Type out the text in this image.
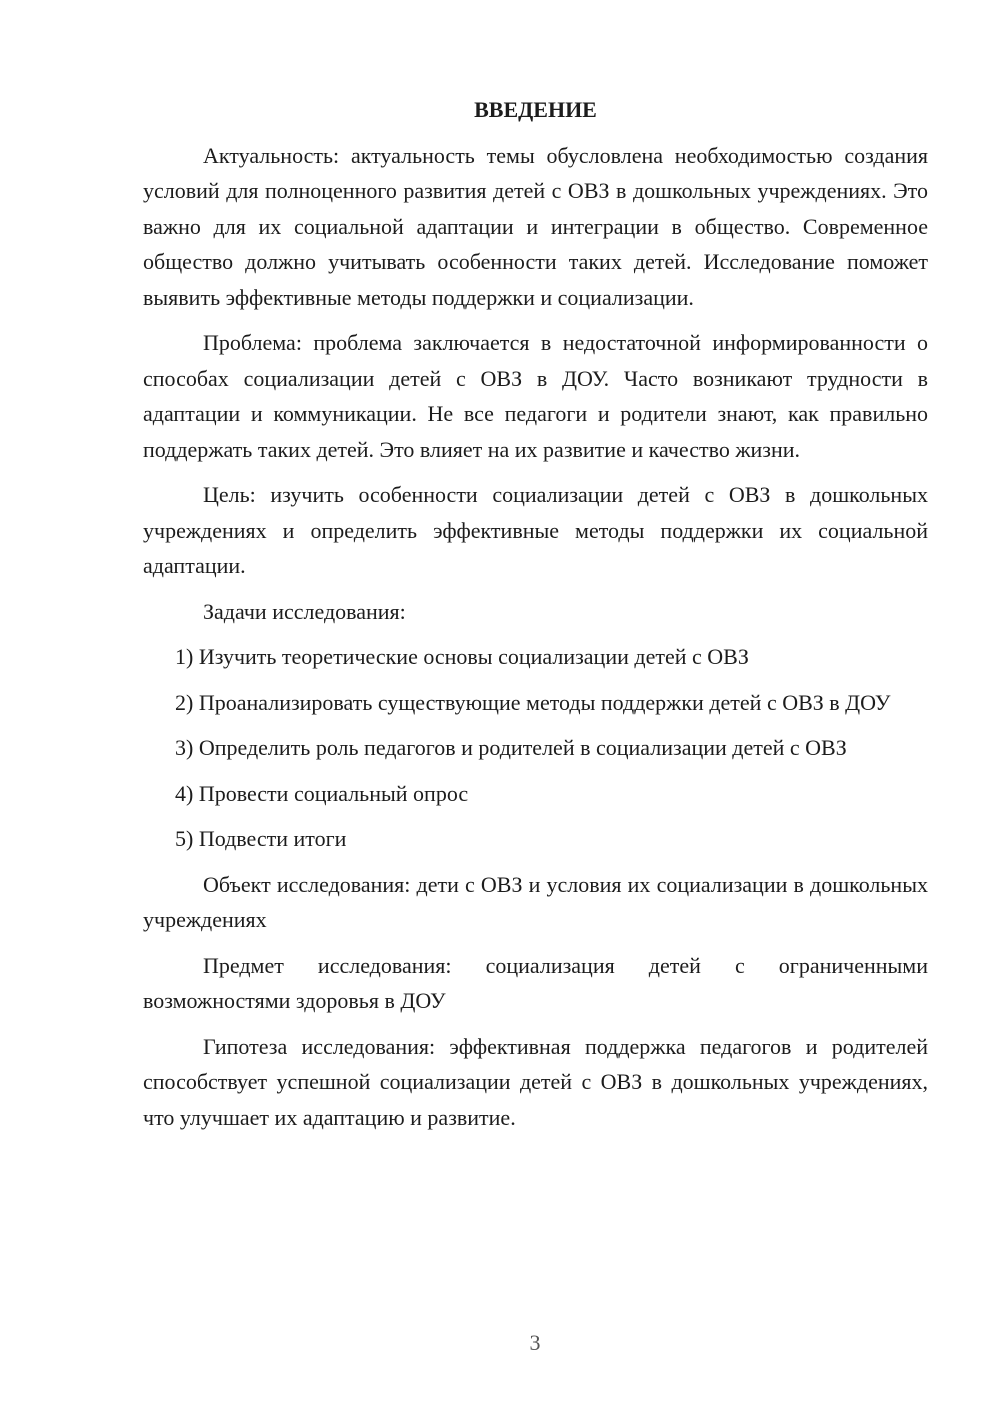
ВВЕДЕНИЕ

Актуальность: актуальность темы обусловлена необходимостью создания условий для полноценного развития детей с ОВЗ в дошкольных учреждениях. Это важно для их социальной адаптации и интеграции в общество. Современное общество должно учитывать особенности таких детей. Исследование поможет выявить эффективные методы поддержки и социализации.

Проблема: проблема заключается в недостаточной информированности о способах социализации детей с ОВЗ в ДОУ. Часто возникают трудности в адаптации и коммуникации. Не все педагоги и родители знают, как правильно поддержать таких детей. Это влияет на их развитие и качество жизни.

Цель: изучить особенности социализации детей с ОВЗ в дошкольных учреждениях и определить эффективные методы поддержки их социальной адаптации.

Задачи исследования:

1) Изучить теоретические основы социализации детей с ОВЗ

2) Проанализировать существующие методы поддержки детей с ОВЗ в ДОУ

3) Определить роль педагогов и родителей в социализации детей с ОВЗ

4) Провести социальный опрос

5) Подвести итоги

Объект исследования: дети с ОВЗ и условия их социализации в дошкольных учреждениях

Предмет исследования: социализация детей с ограниченными возможностями здоровья в ДОУ

Гипотеза исследования: эффективная поддержка педагогов и родителей способствует успешной социализации детей с ОВЗ в дошкольных учреждениях, что улучшает их адаптацию и развитие.

3
